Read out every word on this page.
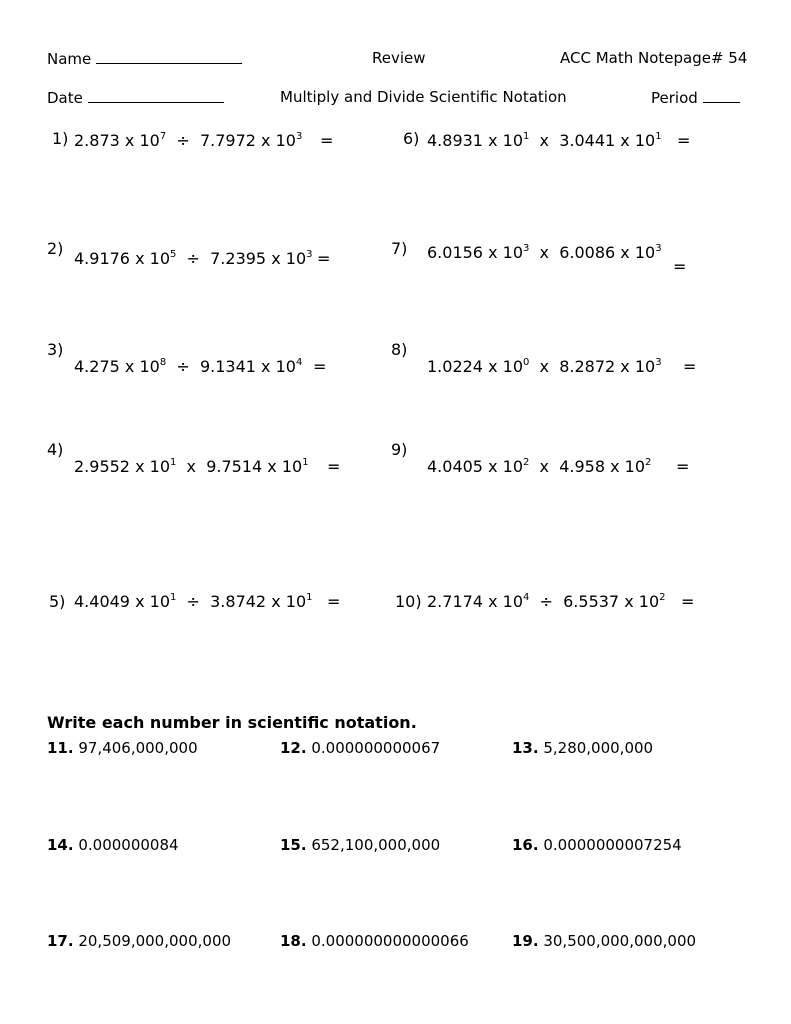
Name	Review	ACC Math Notepage# 54
Date	Multiply and Divide Scientific Notation	Period
1) 2.873 x $10^7 \div 7.7972$ x $10^3$ =
2)
4.9176 x $10^5 \div 7.2395$ x $10^3$ =
3)
4.275 x $10^8 \div 9.1341$ x $10^4$ =
4)
2.9552 x $10^1$ x 9.7514 x $10^1$ =
5) 4.4049 x $10^1 \div 3.8742$ x $10^1$ =
6) 4.8931 x $10^1$ x 3.0441 x $10^1$ =
7) 6.0156 x $10^3$ x 6.0086 x $10^3$
=
8)
1.0224 x $10^0$ x 8.2872 x $10^3$ =
9)
4.0405 x $10^2$ x 4.958 x $10^2$ =
10) 2.7174 x $10^4 \div 6.5537$ x $10^2$ =
Write each number in scientific notation.
11. 97,406,000,000	12. 0.000000000067	13. 5,280,000,000
14. 0.000000084	15. 652,100,000,000	16. 0.0000000007254
17. 20,509,000,000,000	18. 0.000000000000066	19. 30,500,000,000,000
